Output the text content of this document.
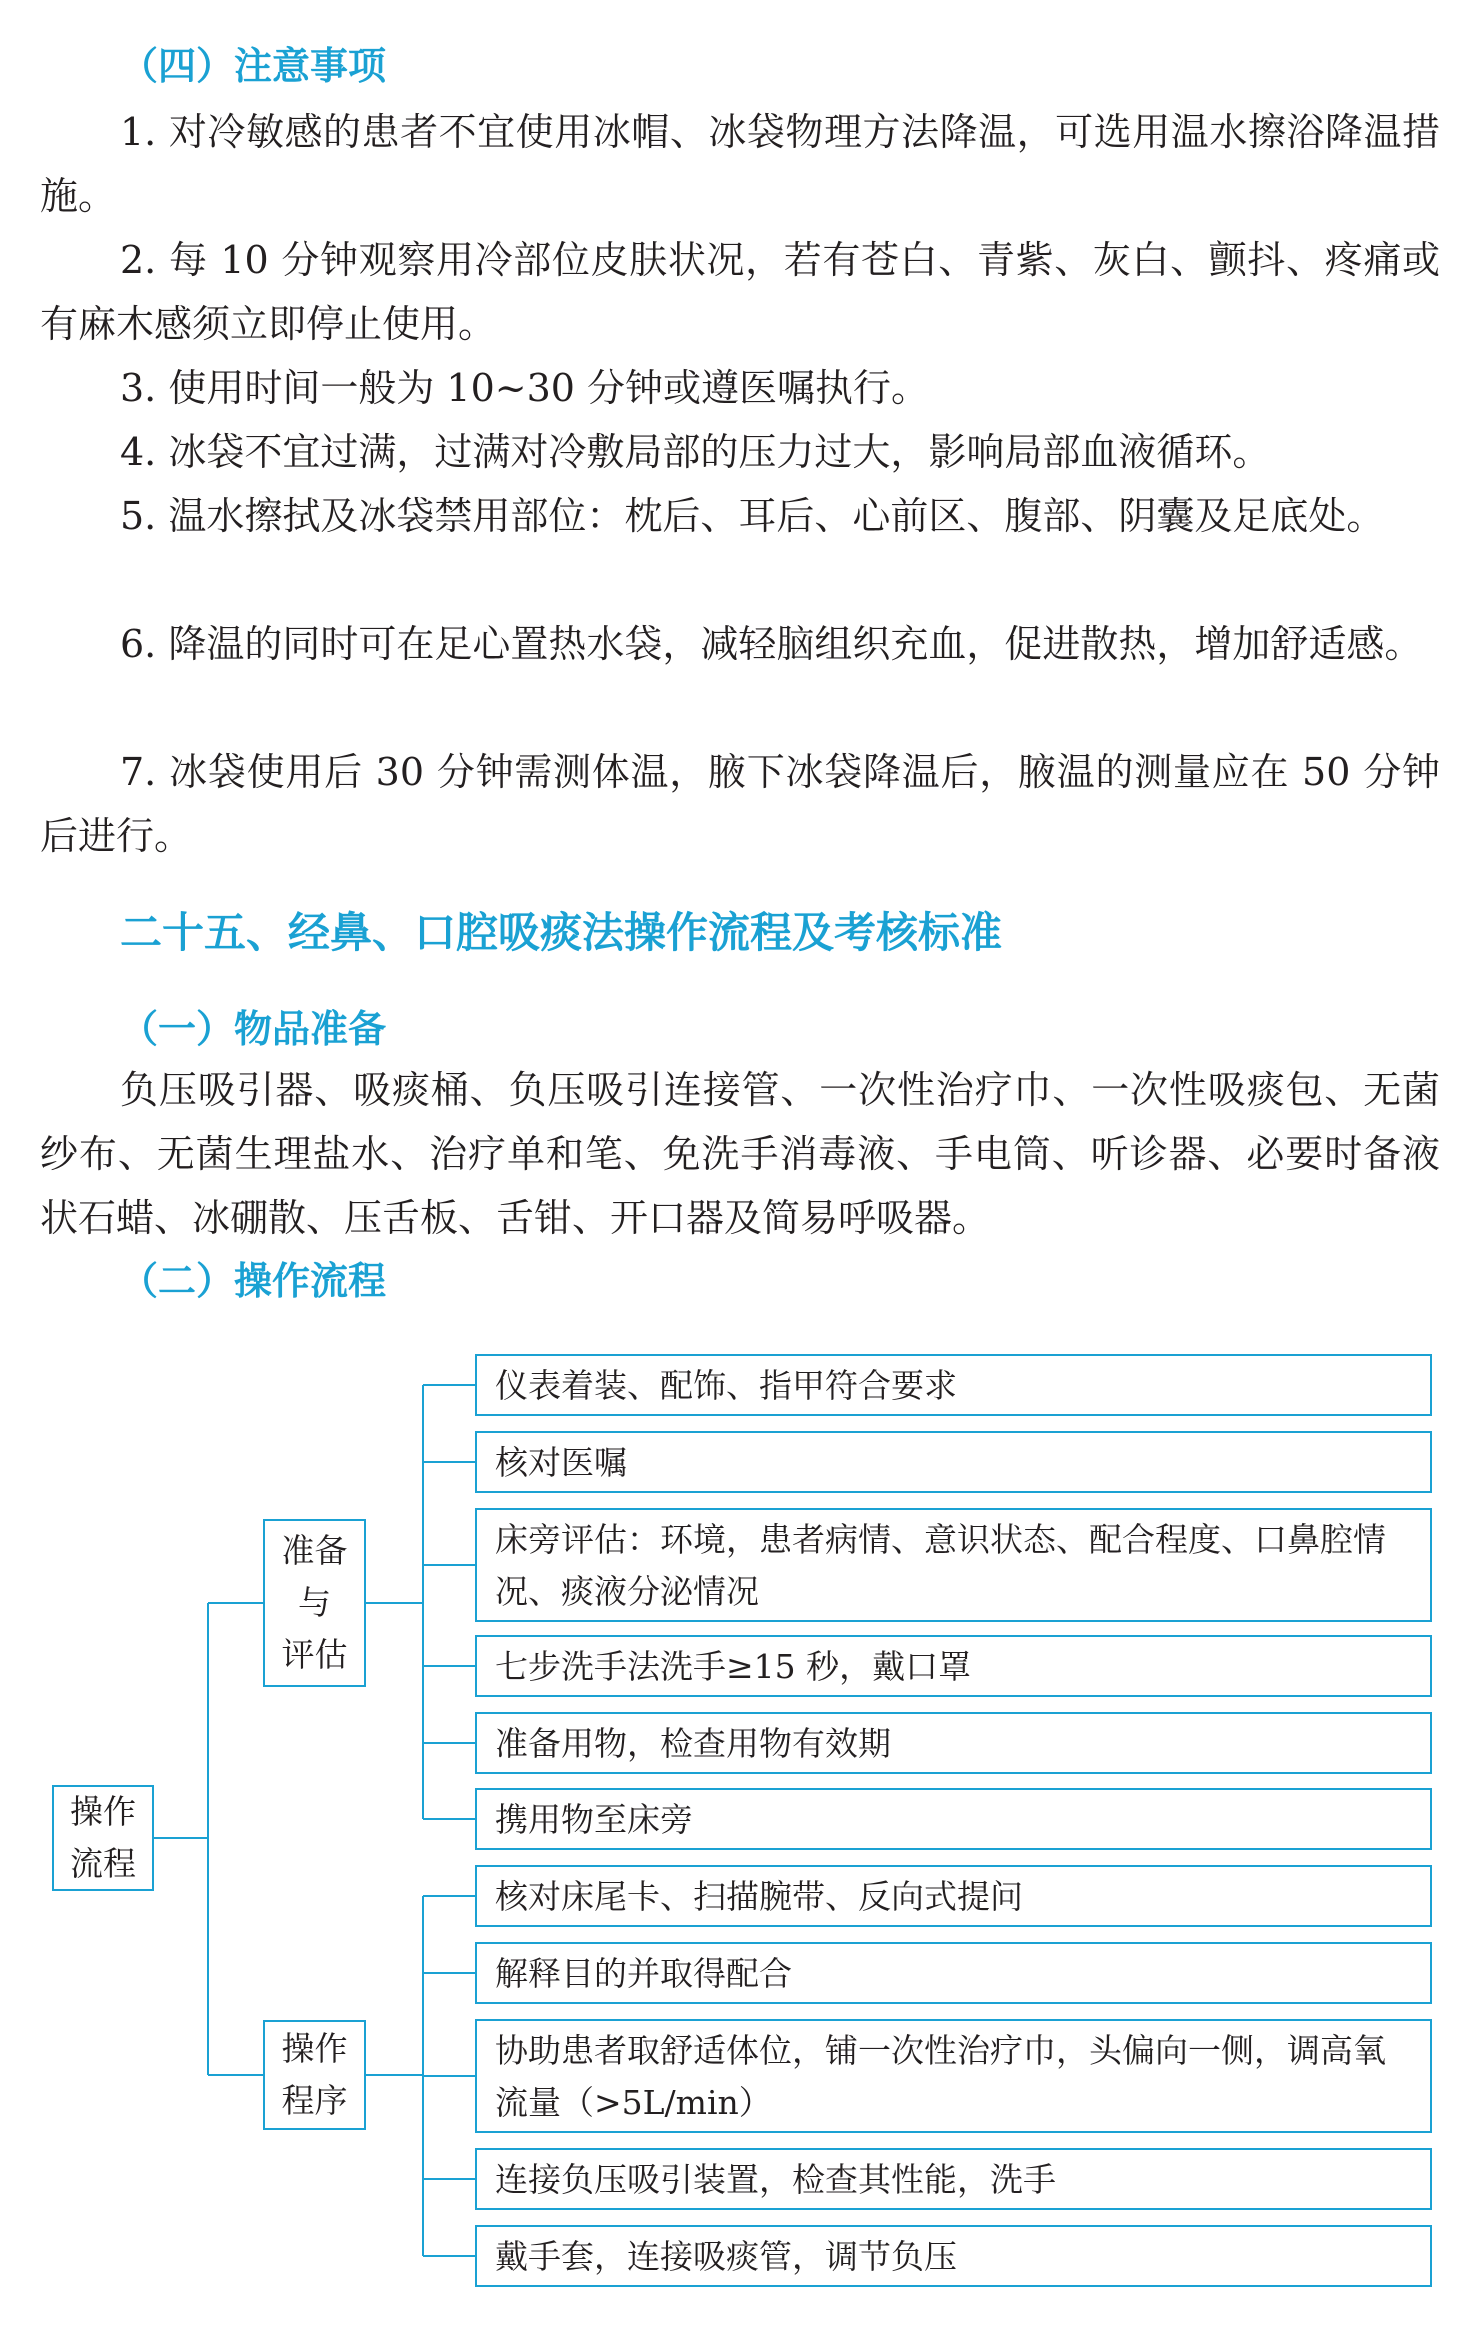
（四）注意事项

1. 对冷敏感的患者不宜使用冰帽、冰袋物理方法降温，可选用温水擦浴降温措施。

2. 每 10 分钟观察用冷部位皮肤状况，若有苍白、青紫、灰白、颤抖、疼痛或有麻木感须立即停止使用。

3. 使用时间一般为 10~30 分钟或遵医嘱执行。

4. 冰袋不宜过满，过满对冷敷局部的压力过大，影响局部血液循环。

5. 温水擦拭及冰袋禁用部位：枕后、耳后、心前区、腹部、阴囊及足底处。

6. 降温的同时可在足心置热水袋，减轻脑组织充血，促进散热，增加舒适感。

7. 冰袋使用后 30 分钟需测体温，腋下冰袋降温后，腋温的测量应在 50 分钟后进行。

二十五、经鼻、口腔吸痰法操作流程及考核标准
（一）物品准备

负压吸引器、吸痰桶、负压吸引连接管、一次性治疗巾、一次性吸痰包、无菌纱布、无菌生理盐水、治疗单和笔、免洗手消毒液、手电筒、听诊器、必要时备液状石蜡、冰硼散、压舌板、舌钳、开口器及简易呼吸器。

（二）操作流程
操作
流程
准备
与
评估
操作
程序
仪表着装、配饰、指甲符合要求
核对医嘱
床旁评估：环境，患者病情、意识状态、配合程度、口鼻腔情况、痰液分泌情况
七步洗手法洗手≥15 秒，戴口罩
准备用物，检查用物有效期
携用物至床旁
核对床尾卡、扫描腕带、反向式提问
解释目的并取得配合
协助患者取舒适体位，铺一次性治疗巾，头偏向一侧，调高氧流量（>5L/min）
连接负压吸引装置，检查其性能，洗手
戴手套，连接吸痰管，调节负压
